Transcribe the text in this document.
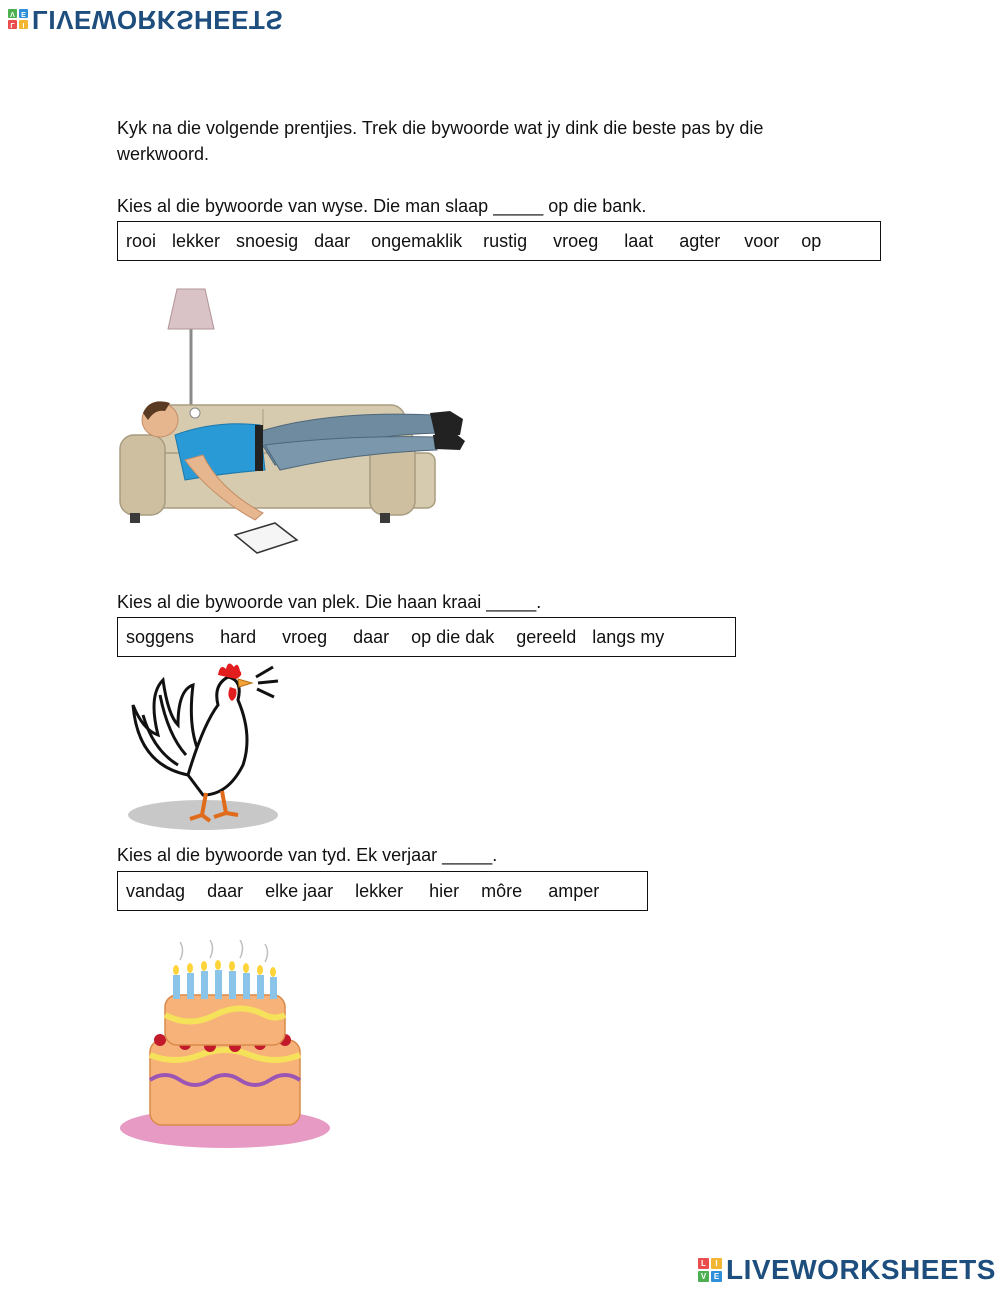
L	I
V E LIVEWORKSHEETS
Kyk na die volgende prentjies. Trek die bywoorde wat jy dink die beste pas by die werkwoord.
Kies al die bywoorde van wyse. Die man slaap _____ op die bank.
rooi lekker snoesig daar ongemaklik rustig vroeg laat agter voor op
Kies al die bywoorde van plek. Die haan kraai _____.
soggens hard vroeg daar op die dak gereeld langs my
Kies al die bywoorde van tyd. Ek verjaar _____.
vandag daar elke jaar lekker hier môre amper
L	I
V E LIVEWORKSHEETS
